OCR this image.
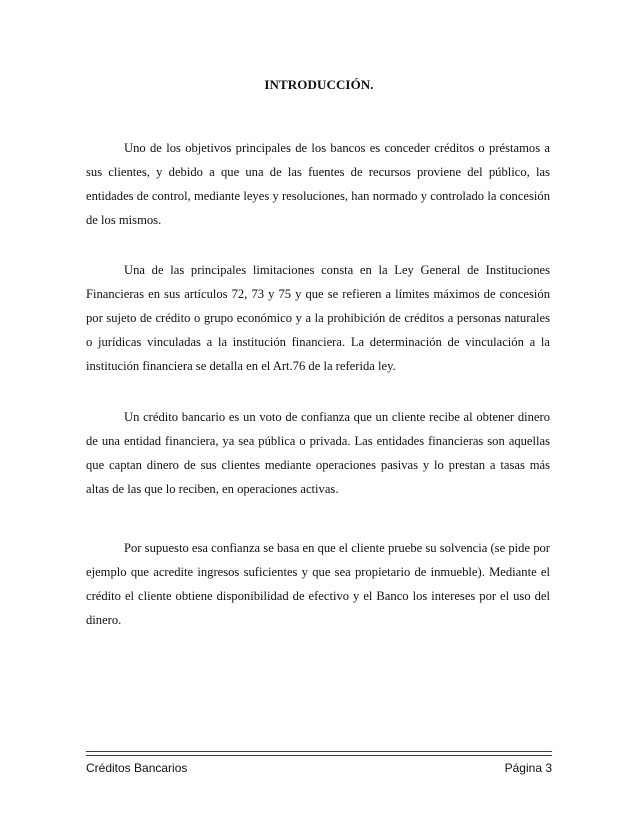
INTRODUCCIÓN.

Uno de los objetivos principales de los bancos es conceder créditos o préstamos a sus clientes, y debido a que una de las fuentes de recursos proviene del público, las entidades de control, mediante leyes y resoluciones, han normado y controlado la concesión de los mismos.

Una de las principales limitaciones consta en la Ley General de Instituciones Financieras en sus artículos 72, 73 y 75 y que se refieren a límites máximos de concesión por sujeto de crédito o grupo económico y a la prohibición de créditos a personas naturales o jurídicas vinculadas a la institución financiera. La determinación de vinculación a la institución financiera se detalla en el Art.76 de la referida ley.

Un crédito bancario es un voto de confianza que un cliente recibe al obtener dinero de una entidad financiera, ya sea pública o privada. Las entidades financieras son aquellas que captan dinero de sus clientes mediante operaciones pasivas y lo prestan a tasas más altas de las que lo reciben, en operaciones activas.

Por supuesto esa confianza se basa en que el cliente pruebe su solvencia (se pide por ejemplo que acredite ingresos suficientes y que sea propietario de inmueble). Mediante el crédito el cliente obtiene disponibilidad de efectivo y el Banco los intereses por el uso del dinero.

Créditos Bancarios	Página 3
